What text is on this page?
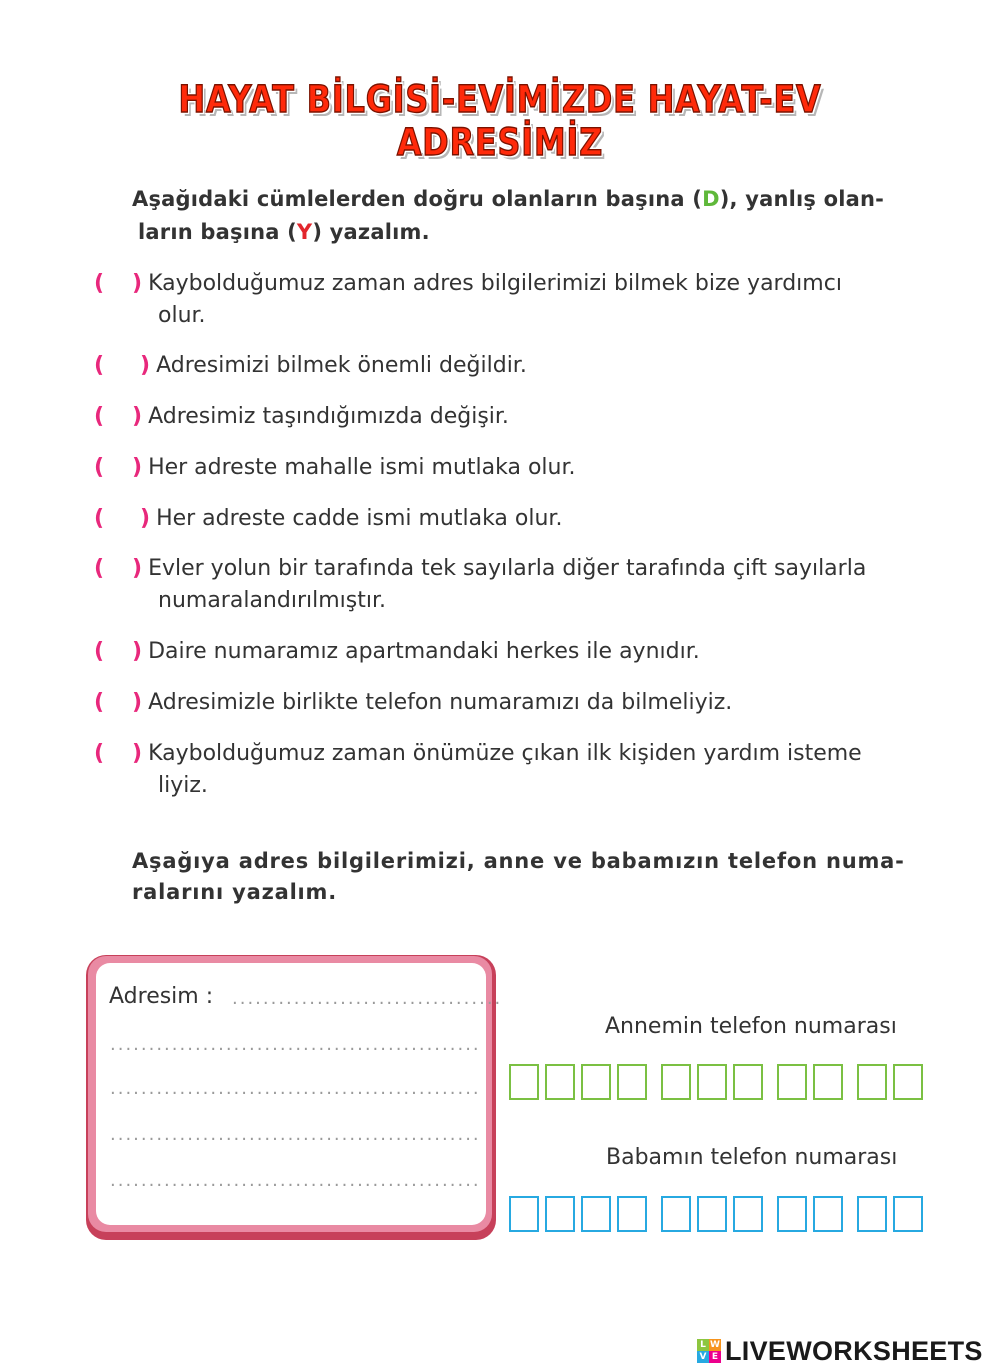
HAYAT BİLGİSİ-EVİMİZDE HAYAT-EV ADRESİMİZ
Aşağıdaki cümlelerden doğru olanların başına (D), yanlış olan-
ların başına (Y) yazalım.
( ) Kaybolduğumuz zaman adres bilgilerimizi bilmek bize yardımcı
olur.
( ) Adresimizi bilmek önemli değildir.
( ) Adresimiz taşındığımızda değişir.
( ) Her adreste mahalle ismi mutlaka olur.
( ) Her adreste cadde ismi mutlaka olur.
( ) Evler yolun bir tarafında tek sayılarla diğer tarafında çift sayılarla
numaralandırılmıştır.
( ) Daire numaramız apartmandaki herkes ile aynıdır.
( ) Adresimizle birlikte telefon numaramızı da bilmeliyiz.
( ) Kaybolduğumuz zaman önümüze çıkan ilk kişiden yardım isteme
liyiz.
Aşağıya adres bilgilerimizi, anne ve babamızın telefon numa-
ralarını yazalım.
Adresim : ...................................
................................................
................................................
................................................
................................................
Annemin telefon numarası
Babamın telefon numarası
L W
V E LIVEWORKSHEETS
